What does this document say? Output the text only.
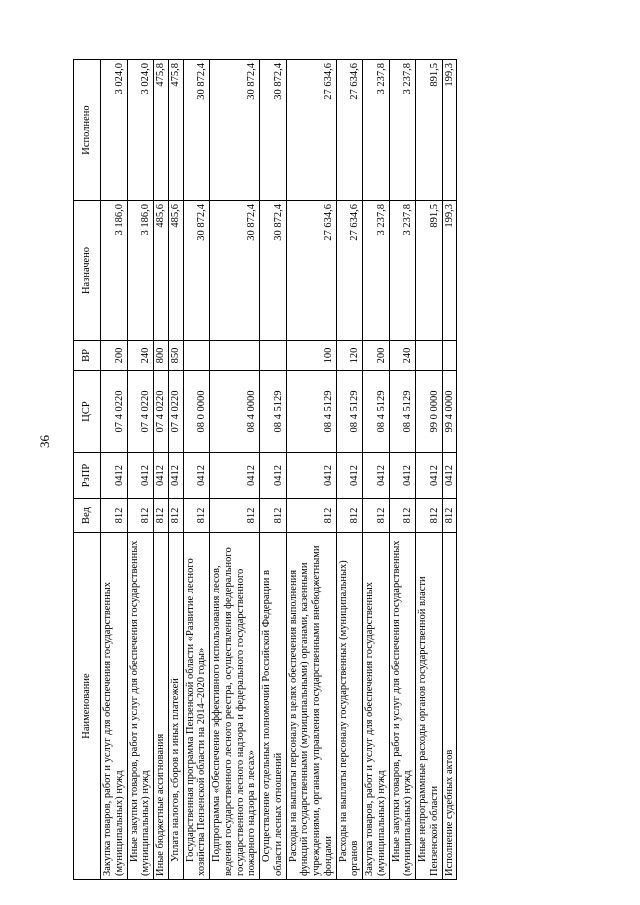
36
Наименование	Вед	РзПР	ЦСР	ВР	Назначено	Исполнено
Закупка товаров, работ и услуг для обеспечения государственных (муниципальных) нужд	812	0412	07 4 0220	200	3 186,0	3 024,0
Иные закупки товаров, работ и услуг для обеспечения государственных (муниципальных) нужд	812	0412	07 4 0220	240	3 186,0	3 024,0
Иные бюджетные ассигнования	812	0412	07 4 0220	800	485,6	475,8
Уплата налогов, сборов и иных платежей	812	0412	07 4 0220	850	485,6	475,8
Государственная программа Пензенской области «Развитие лесного хозяйства Пензенской области на 2014–2020 годы»	812	0412	08 0 0000		30 872,4	30 872,4
Подпрограмма «Обеспечение эффективного использования лесов, ведения государственного лесного реестра, осуществления федерального государственного лесного надзора и федерального государственного пожарного надзора в лесах»	812	0412	08 4 0000		30 872,4	30 872,4
Осуществление отдельных полномочий Российской Федерации в области лесных отношений	812	0412	08 4 5129		30 872,4	30 872,4
Расходы на выплаты персоналу в целях обеспечения выполнения функций государственными (муниципальными) органами, казенными учреждениями, органами управления государственными внебюджетными фондами	812	0412	08 4 5129	100	27 634,6	27 634,6
Расходы на выплаты персоналу государственных (муниципальных) органов	812	0412	08 4 5129	120	27 634,6	27 634,6
Закупка товаров, работ и услуг для обеспечения государственных (муниципальных) нужд	812	0412	08 4 5129	200	3 237,8	3 237,8
Иные закупки товаров, работ и услуг для обеспечения государственных (муниципальных) нужд	812	0412	08 4 5129	240	3 237,8	3 237,8
Иные непрограммные расходы органов государственной власти Пензенской области	812	0412	99 0 0000		891,5	891,5
Исполнение судебных актов	812	0412	99 4 0000		199,3	199,3
